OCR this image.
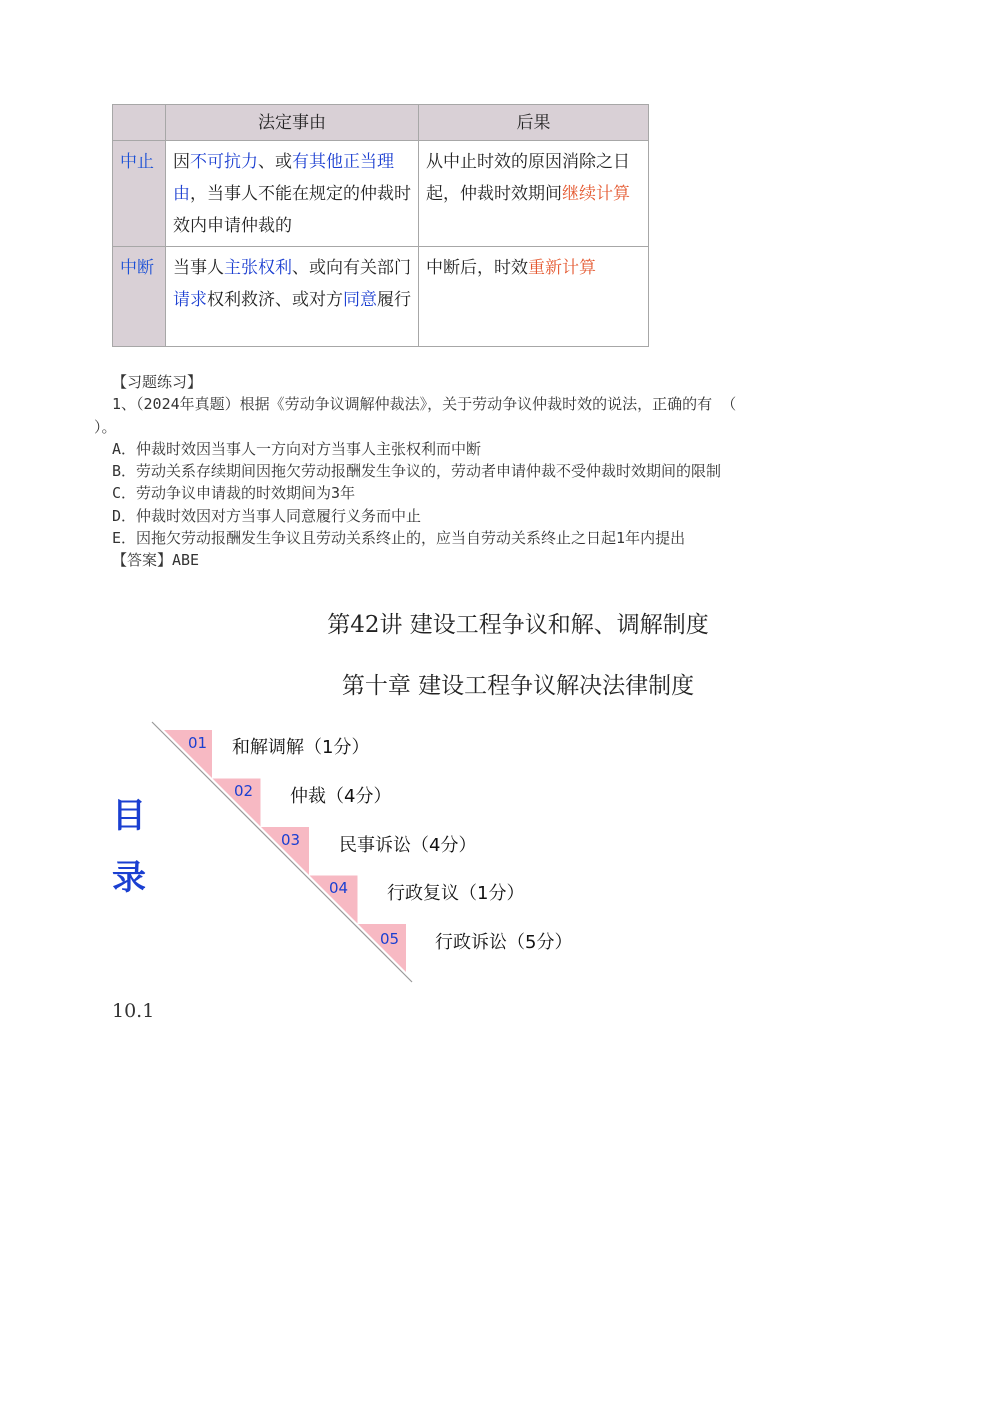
	法定事由	后果
中止	因不可抗力、或有其他正当理由，当事人不能在规定的仲裁时效内申请仲裁的	从中止时效的原因消除之日起，仲裁时效期间继续计算
中断	当事人主张权利、或向有关部门请求权利救济、或对方同意履行	中断后，时效重新计算
【习题练习】
1、（2024年真题）根据《劳动争议调解仲裁法》，关于劳动争议仲裁时效的说法，正确的有 （
）。
A．仲裁时效因当事人一方向对方当事人主张权利而中断
B．劳动关系存续期间因拖欠劳动报酬发生争议的，劳动者申请仲裁不受仲裁时效期间的限制
C．劳动争议申请裁的时效期间为3年
D．仲裁时效因对方当事人同意履行义务而中止
E．因拖欠劳动报酬发生争议且劳动关系终止的，应当自劳动关系终止之日起1年内提出
【答案】ABE
第42讲 建设工程争议和解、调解制度
第十章 建设工程争议解决法律制度
目
录
01 和解调解（1分）
02 仲裁（4分）
03 民事诉讼（4分）
04 行政复议（1分）
05 行政诉讼（5分）
10.1
